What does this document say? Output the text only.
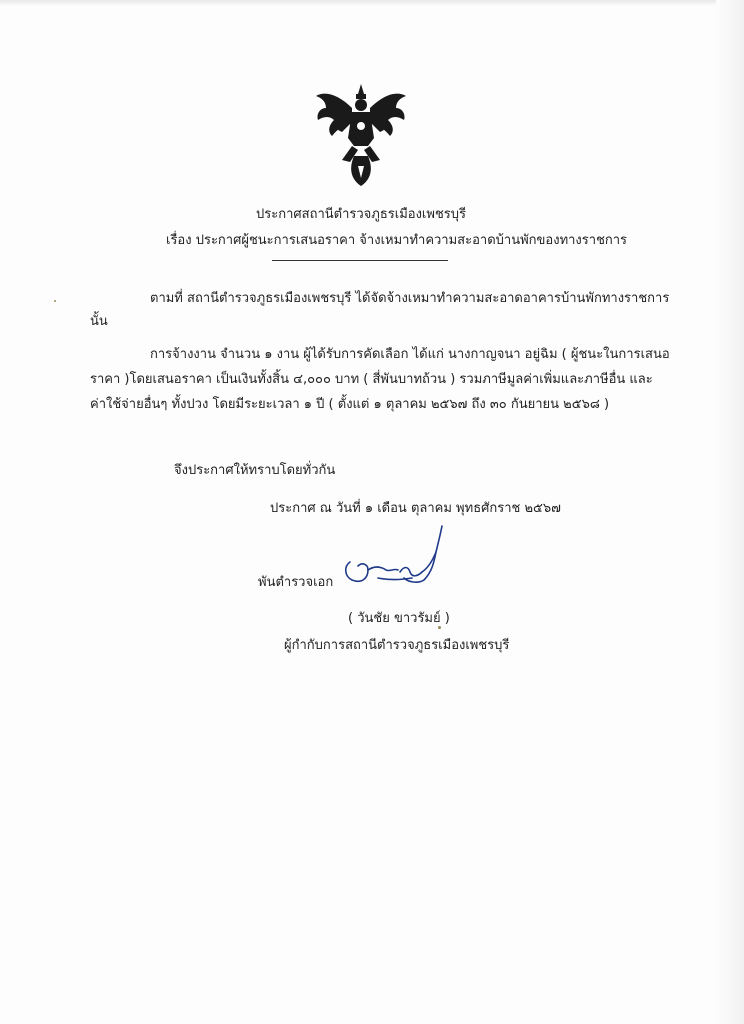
ประกาศสถานีตำรวจภูธรเมืองเพชรบุรี
เรื่อง ประกาศผู้ชนะการเสนอราคา จ้างเหมาทำความสะอาดบ้านพักของทางราชการ
ตามที่ สถานีตำรวจภูธรเมืองเพชรบุรี ได้จัดจ้างเหมาทำความสะอาดอาคารบ้านพักทางราชการ
นั้น
การจ้างงาน จำนวน ๑ งาน ผู้ได้รับการคัดเลือก ได้แก่ นางกาญจนา อยู่ฉิม ( ผู้ชนะในการเสนอ
ราคา )โดยเสนอราคา เป็นเงินทั้งสิ้น ๔,๐๐๐ บาท ( สี่พันบาทถ้วน ) รวมภาษีมูลค่าเพิ่มและภาษีอื่น และ
ค่าใช้จ่ายอื่นๆ ทั้งปวง โดยมีระยะเวลา ๑ ปี ( ตั้งแต่ ๑ ตุลาคม ๒๕๖๗ ถึง ๓๐ กันยายน ๒๕๖๘ )
จึงประกาศให้ทราบโดยทั่วกัน
ประกาศ ณ วันที่ ๑ เดือน ตุลาคม พุทธศักราช ๒๕๖๗
พันตำรวจเอก
( วันชัย ขาวรัมย์ )
ผู้กำกับการสถานีตำรวจภูธรเมืองเพชรบุรี
